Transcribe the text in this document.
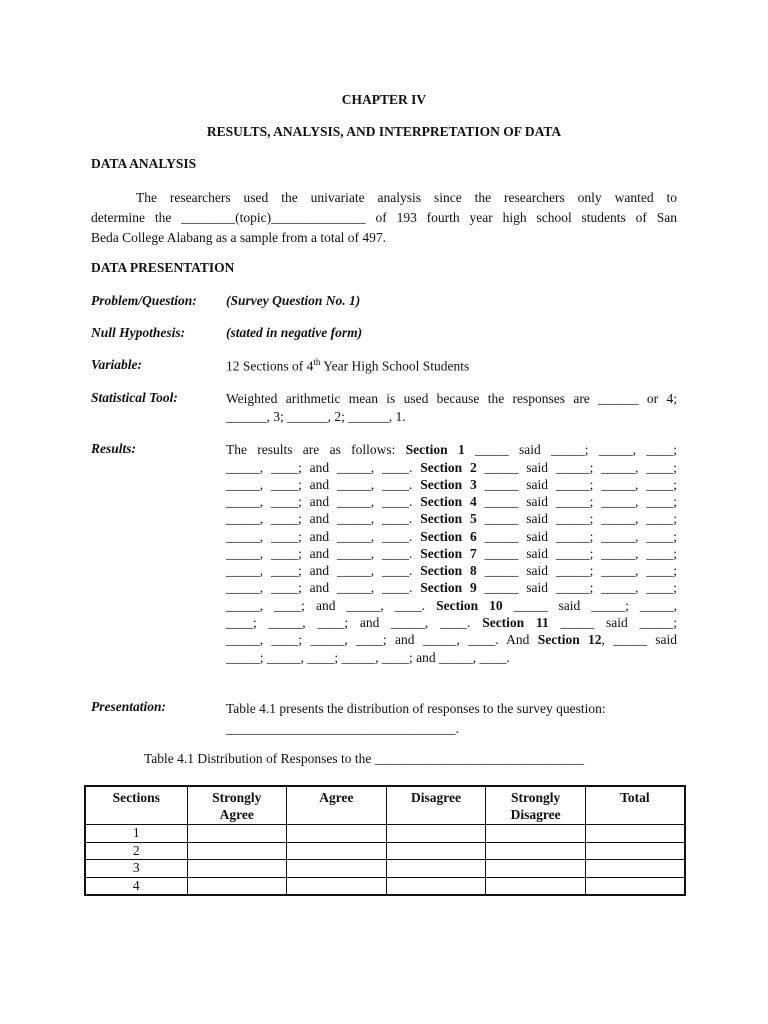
CHAPTER IV
RESULTS, ANALYSIS, AND INTERPRETATION OF DATA
DATA ANALYSIS
The researchers used the univariate analysis since the researchers only wanted to
determine the ________(topic)______________ of 193 fourth year high school students of San
Beda College Alabang as a sample from a total of 497.
DATA PRESENTATION
Problem/Question: (Survey Question No. 1)
Null Hypothesis:	(stated in negative form)
Variable:	12 Sections of 4th Year High School Students
Statistical Tool:	Weighted arithmetic mean is used because the responses are ______ or 4;
______, 3; ______, 2; ______, 1.
Results:	The results are as follows: Section 1 _____ said _____; _____, ____;
_____, ____; and _____, ____. Section 2 _____ said _____; _____, ____;
_____, ____; and _____, ____. Section 3 _____ said _____; _____, ____;
_____, ____; and _____, ____. Section 4 _____ said _____; _____, ____;
_____, ____; and _____, ____. Section 5 _____ said _____; _____, ____;
_____, ____; and _____, ____. Section 6 _____ said _____; _____, ____;
_____, ____; and _____, ____. Section 7 _____ said _____; _____, ____;
_____, ____; and _____, ____. Section 8 _____ said _____; _____, ____;
_____, ____; and _____, ____. Section 9 _____ said _____; _____, ____;
_____, ____; and _____, ____. Section 10 _____ said _____; _____,
____; _____, ____; and _____, ____. Section 11 _____ said _____;
_____, ____; _____, ____; and _____, ____. And Section 12, _____ said
_____; _____, ____; _____, ____; and _____, ____.
Presentation:	Table 4.1 presents the distribution of responses to the survey question:
__________________________________.
Table 4.1 Distribution of Responses to the _______________________________
Sections	Strongly Agree	Agree	Disagree	Strongly Disagree	Total
1					
2					
3					
4					
